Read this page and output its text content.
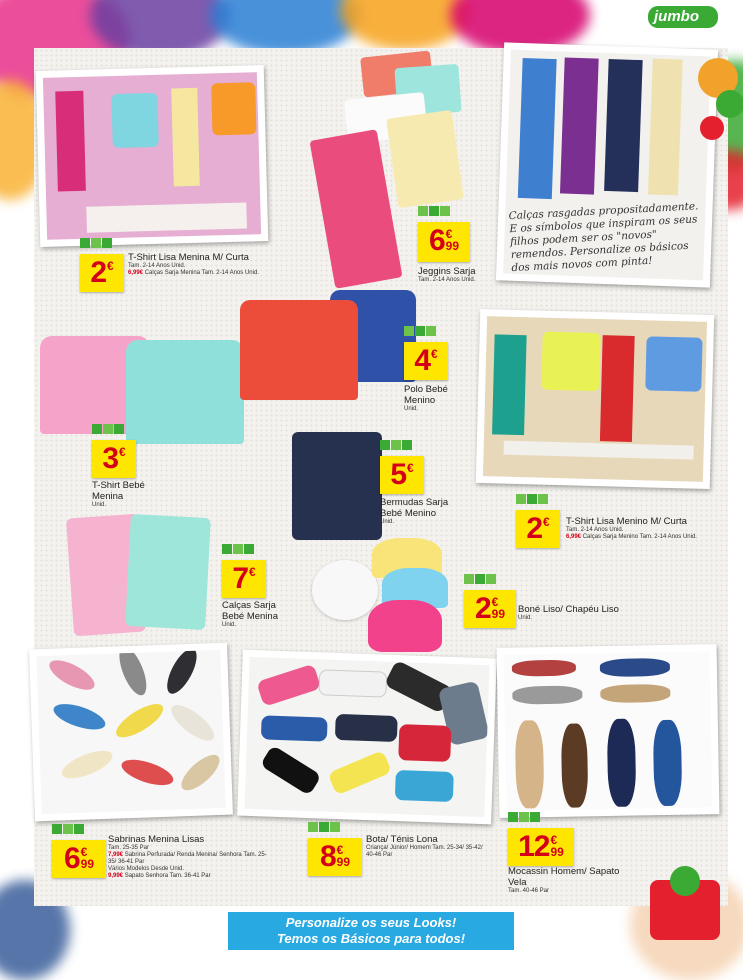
15	jumbo
Calças rasgadas propositadamente. E os símbolos que inspiram os seus filhos podem ser os "novos" remendos. Personalize os básicos dos mais novos com pinta!
2 €
T-Shirt Lisa Menina M/ Curta
Tam. 2-14 Anos Unid.
6,99€ Calças Sarja Menina Tam. 2-14 Anos Unid.
6 €
99
Jeggins Sarja
Tam. 2-14 Anos Unid.
3 €
T-Shirt Bebé Menina
Unid.
4 €
Polo Bebé Menino
Unid.
5 €
Bermudas Sarja Bebé Menino
Unid.	2 € T-Shirt Lisa Menino M/ Curta
Tam. 2-14 Anos Unid.
6,99€ Calças Sarja Menino Tam. 2-14 Anos Unid.
7 €
Calças Sarja Bebé Menina
Unid.	2 €
99 Boné Liso/ Chapéu Liso
Unid.
6 €
99
Sabrinas Menina Lisas
Tam. 25-35 Par
7,99€ Sabrina Perfurada/ Renda Menina/ Senhora Tam. 25-35/ 36-41 Par
Vários Modelos Desde Unid.
9,99€ Sapato Senhora Tam. 36-41 Par
8 €
99
Bota/ Ténis Lona
Criança/ Júnior/ Homem Tam. 25-34/ 35-42/ 40-46 Par	12 €
99
Mocassin Homem/ Sapato Vela
Tam. 40-46 Par
Personalize os seus Looks!
Temos os Básicos para todos!
